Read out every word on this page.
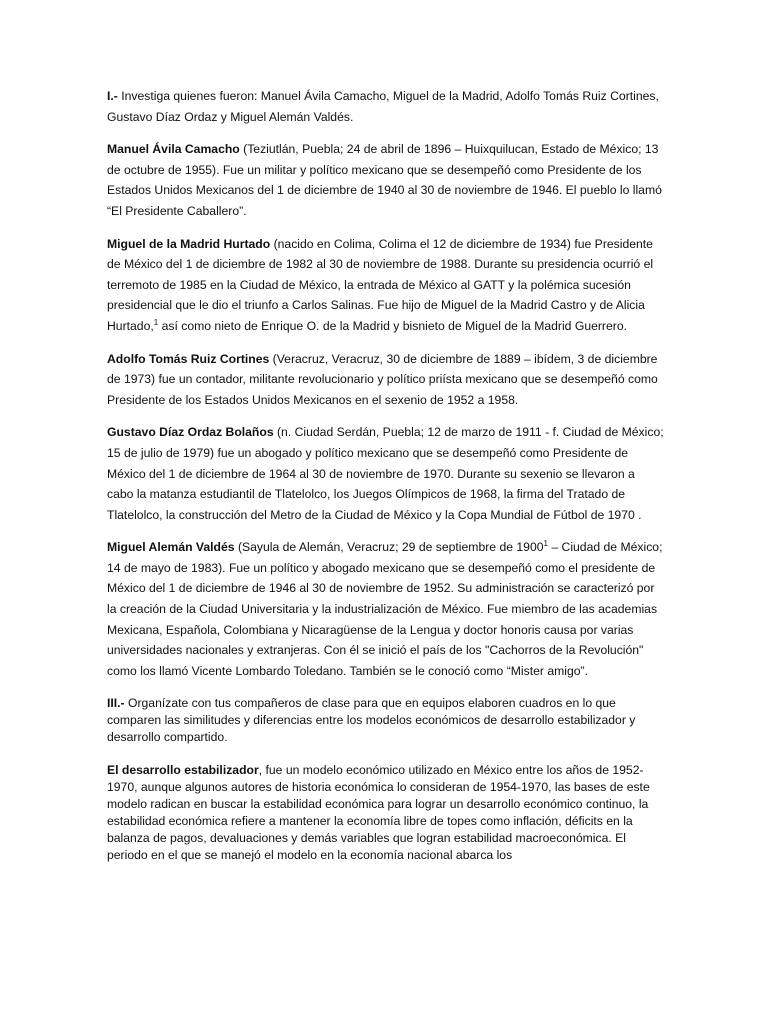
I.- Investiga quienes fueron: Manuel Ávila Camacho, Miguel de la Madrid, Adolfo Tomás Ruiz Cortines, Gustavo Díaz Ordaz y Miguel Alemán Valdés.

Manuel Ávila Camacho (Teziutlán, Puebla; 24 de abril de 1896 – Huixquilucan, Estado de México; 13 de octubre de 1955). Fue un militar y político mexicano que se desempeñó como Presidente de los Estados Unidos Mexicanos del 1 de diciembre de 1940 al 30 de noviembre de 1946. El pueblo lo llamó “El Presidente Caballero”.

Miguel de la Madrid Hurtado (nacido en Colima, Colima el 12 de diciembre de 1934) fue Presidente de México del 1 de diciembre de 1982 al 30 de noviembre de 1988. Durante su presidencia ocurrió el terremoto de 1985 en la Ciudad de México, la entrada de México al GATT y la polémica sucesión presidencial que le dio el triunfo a Carlos Salinas. Fue hijo de Miguel de la Madrid Castro y de Alicia Hurtado,$^1$ así como nieto de Enrique O. de la Madrid y bisnieto de Miguel de la Madrid Guerrero.

Adolfo Tomás Ruiz Cortines (Veracruz, Veracruz, 30 de diciembre de 1889 – ibídem, 3 de diciembre de 1973) fue un contador, militante revolucionario y político priísta mexicano que se desempeñó como Presidente de los Estados Unidos Mexicanos en el sexenio de 1952 a 1958.

Gustavo Díaz Ordaz Bolaños (n. Ciudad Serdán, Puebla; 12 de marzo de 1911 - f. Ciudad de México; 15 de julio de 1979) fue un abogado y político mexicano que se desempeñó como Presidente de México del 1 de diciembre de 1964 al 30 de noviembre de 1970. Durante su sexenio se llevaron a cabo la matanza estudiantil de Tlatelolco, los Juegos Olímpicos de 1968, la firma del Tratado de Tlatelolco, la construcción del Metro de la Ciudad de México y la Copa Mundial de Fútbol de 1970 .

Miguel Alemán Valdés (Sayula de Alemán, Veracruz; 29 de septiembre de 1900$^1$ – Ciudad de México; 14 de mayo de 1983). Fue un político y abogado mexicano que se desempeñó como el presidente de México del 1 de diciembre de 1946 al 30 de noviembre de 1952. Su administración se caracterizó por la creación de la Ciudad Universitaria y la industrialización de México. Fue miembro de las academias Mexicana, Española, Colombiana y Nicaragüense de la Lengua y doctor honoris causa por varias universidades nacionales y extranjeras. Con él se inició el país de los "Cachorros de la Revolución" como los llamó Vicente Lombardo Toledano. También se le conoció como “Mister amigo”.

III.- Organízate con tus compañeros de clase para que en equipos elaboren cuadros en lo que comparen las similitudes y diferencias entre los modelos económicos de desarrollo estabilizador y desarrollo compartido.

El desarrollo estabilizador, fue un modelo económico utilizado en México entre los años de 1952-1970, aunque algunos autores de historia económica lo consideran de 1954-1970, las bases de este modelo radican en buscar la estabilidad económica para lograr un desarrollo económico continuo, la estabilidad económica refiere a mantener la economía libre de topes como inflación, déficits en la balanza de pagos, devaluaciones y demás variables que logran estabilidad macroeconómica. El periodo en el que se manejó el modelo en la economía nacional abarca los
